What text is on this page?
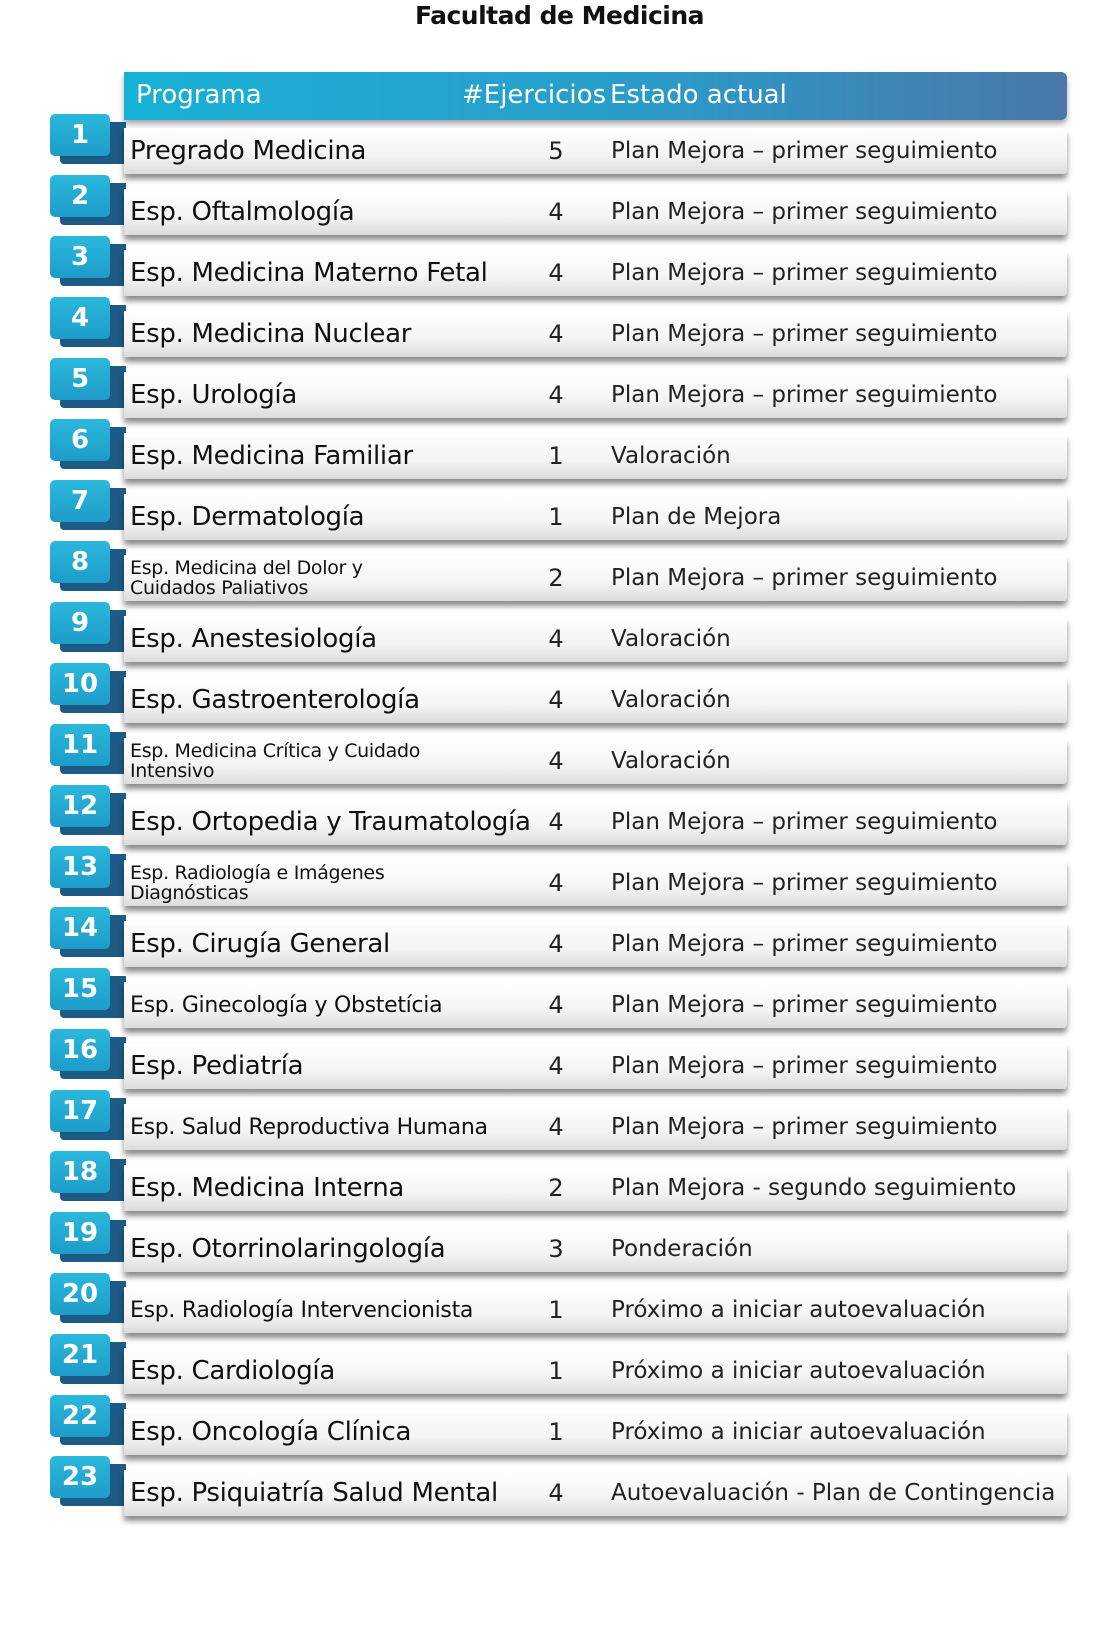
Facultad de Medicina
Programa	#Ejercicios Estado actual
1
Pregrado Medicina	5 Plan Mejora – primer seguimiento
2
Esp. Oftalmología	4 Plan Mejora – primer seguimiento
3
Esp. Medicina Materno Fetal	4 Plan Mejora – primer seguimiento
4
Esp. Medicina Nuclear	4 Plan Mejora – primer seguimiento
5
Esp. Urología	4 Plan Mejora – primer seguimiento
6
Esp. Medicina Familiar	1 Valoración
7
Esp. Dermatología	1 Plan de Mejora
8	Esp. Medicina del Dolor y Cuidados Paliativos	2 Plan Mejora – primer seguimiento
9
Esp. Anestesiología	4 Valoración
10
Esp. Gastroenterología	4 Valoración
11	Esp. Medicina Crítica y Cuidado Intensivo	4 Valoración
12
Esp. Ortopedia y Traumatología 4 Plan Mejora – primer seguimiento
13	Esp. Radiología e Imágenes Diagnósticas	4 Plan Mejora – primer seguimiento
14
Esp. Cirugía General	4 Plan Mejora – primer seguimiento
15
Esp. Ginecología y Obstetícia	4 Plan Mejora – primer seguimiento
16
Esp. Pediatría	4 Plan Mejora – primer seguimiento
17
Esp. Salud Reproductiva Humana	4 Plan Mejora – primer seguimiento
18
Esp. Medicina Interna	2 Plan Mejora - segundo seguimiento
19
Esp. Otorrinolaringología	3 Ponderación
20
Esp. Radiología Intervencionista	1 Próximo a iniciar autoevaluación
21
Esp. Cardiología	1 Próximo a iniciar autoevaluación
22
Esp. Oncología Clínica	1 Próximo a iniciar autoevaluación
23
Esp. Psiquiatría Salud Mental 4 Autoevaluación - Plan de Contingencia
